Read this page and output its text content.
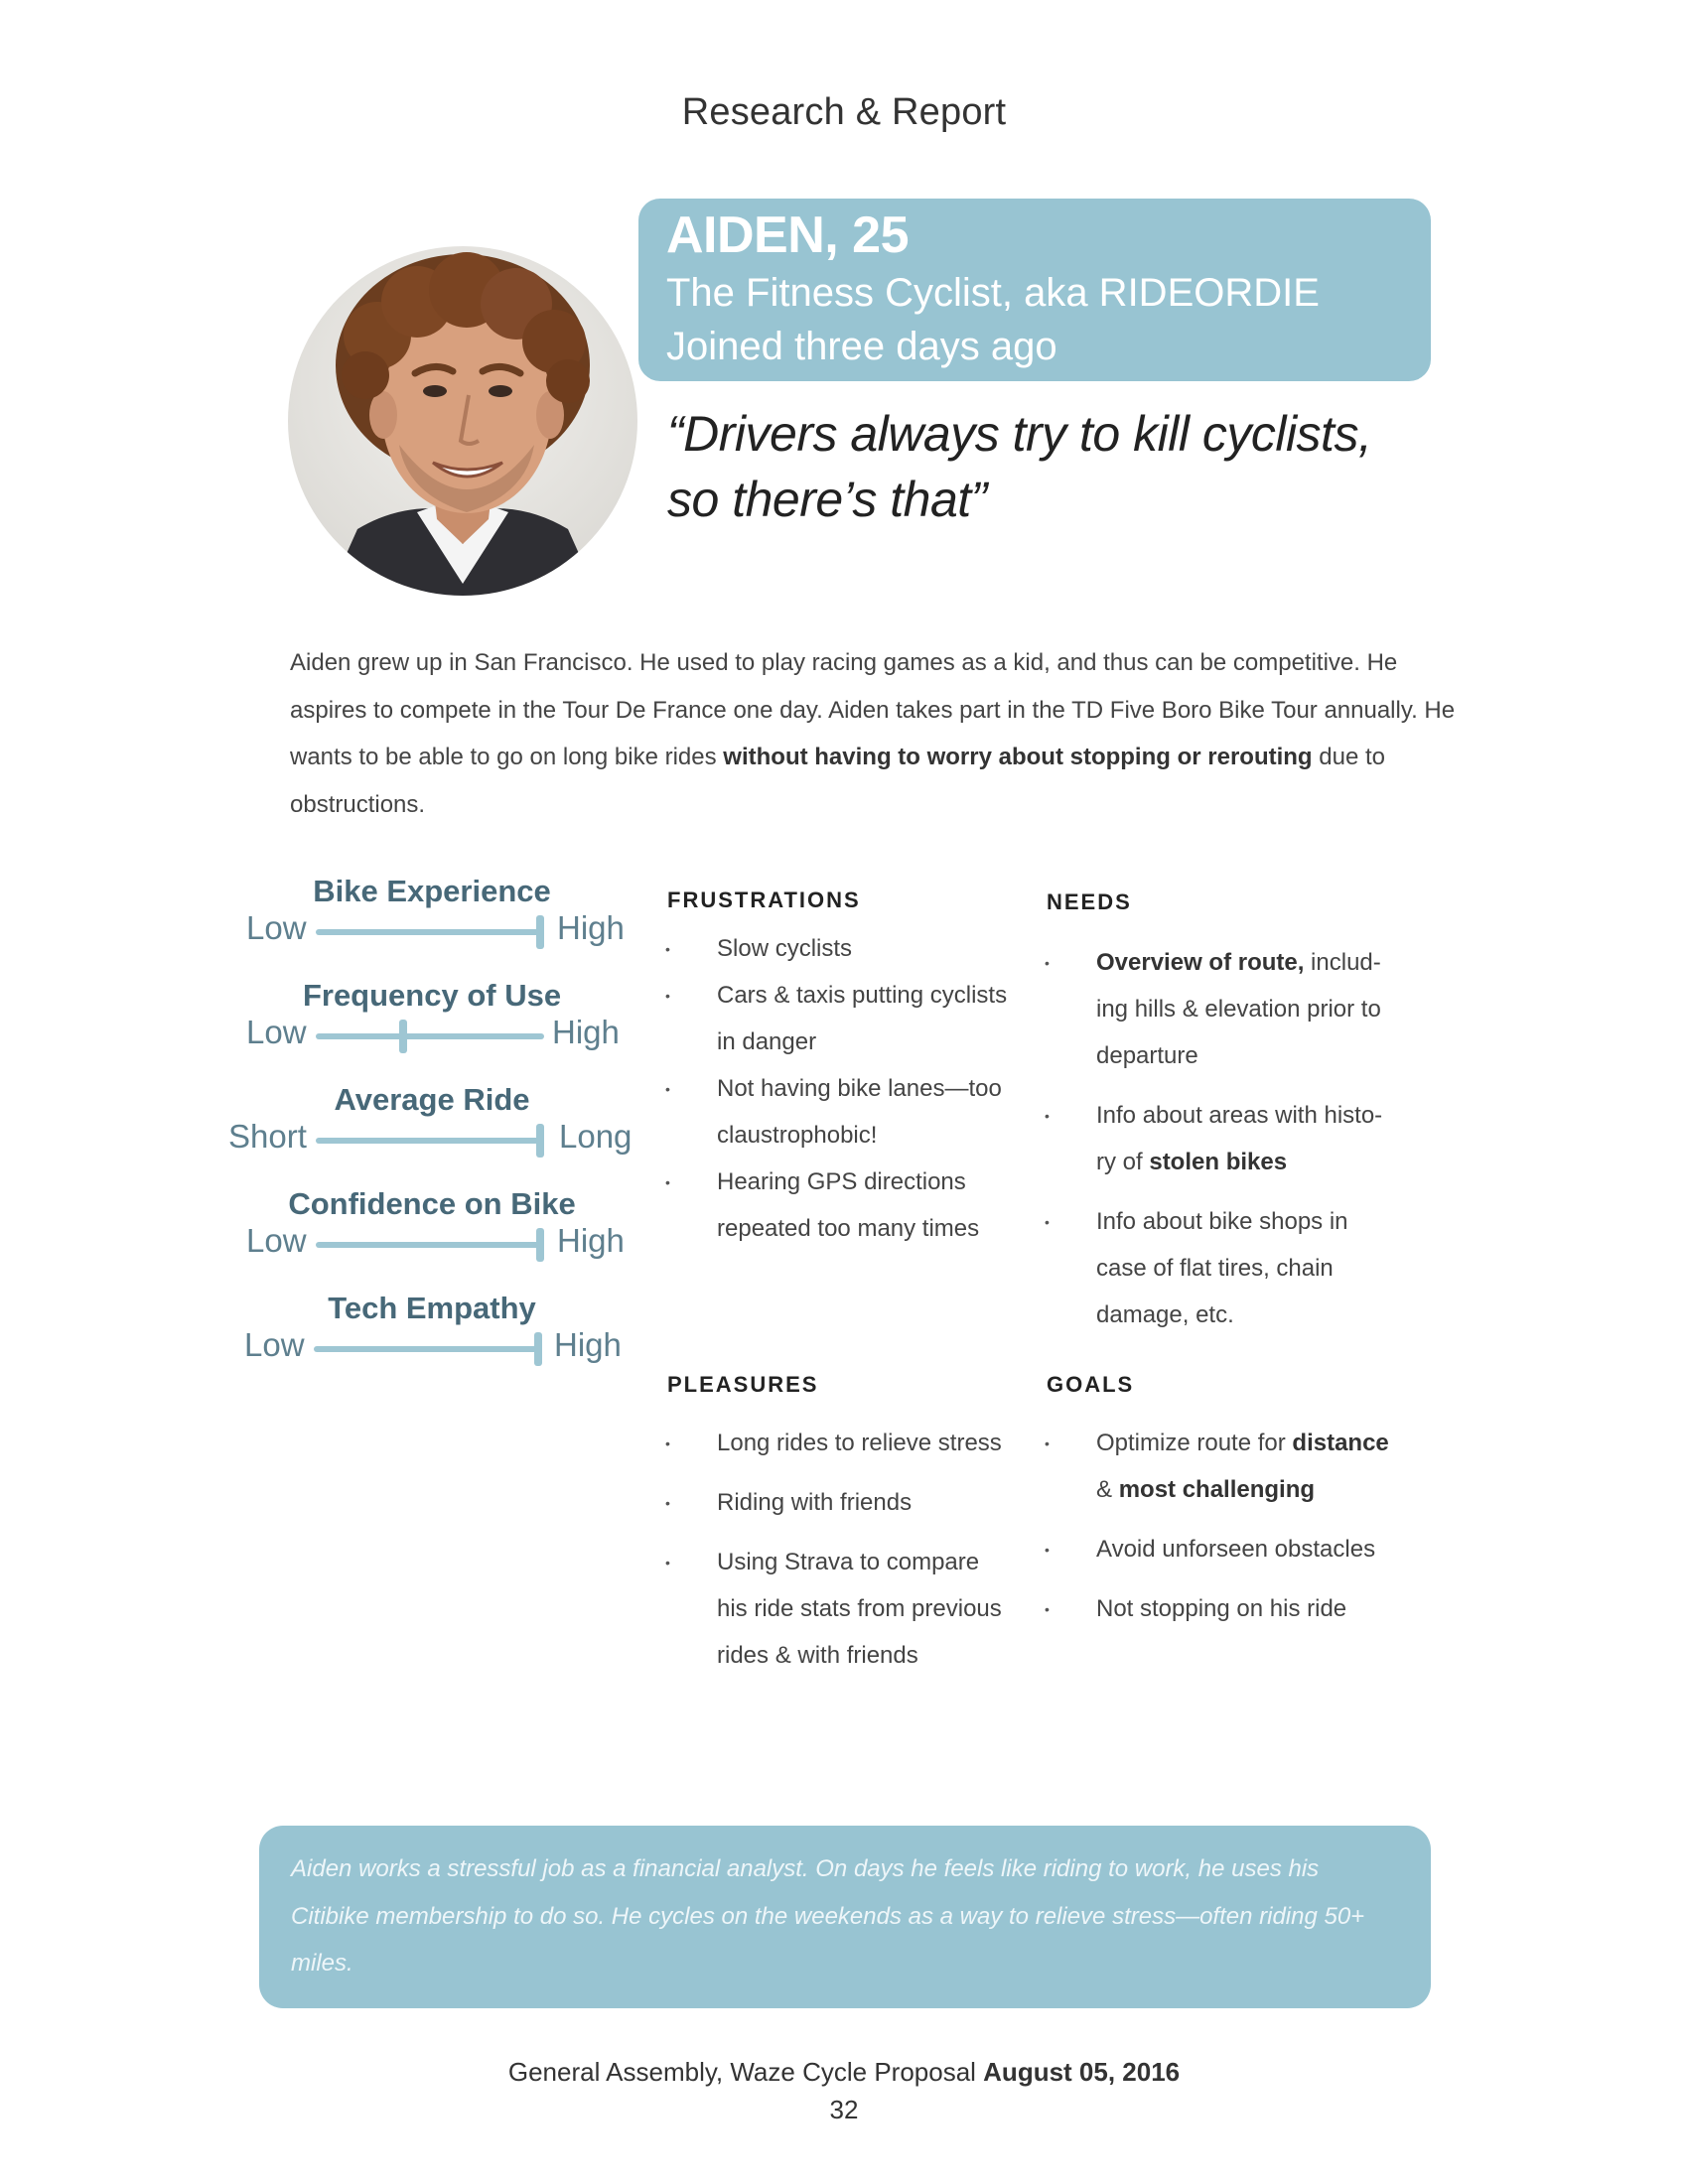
Research & Report
AIDEN, 25
The Fitness Cyclist, aka RIDEORDIE
Joined three days ago
“Drivers always try to kill cyclists,
so there’s that”
Aiden grew up in San Francisco. He used to play racing games as a kid, and thus can be competitive. He aspires to compete in the Tour De France one day. Aiden takes part in the TD Five Boro Bike Tour annually. He wants to be able to go on long bike rides without having to worry about stopping or rerouting due to obstructions.
Bike Experience
Low	High
Frequency of Use
Low	High
Average Ride
Short	Long
Confidence on Bike
Low	High
Tech Empathy
Low	High
FRUSTRATIONS
• Slow cyclists
• Cars & taxis putting cyclists
in danger
• Not having bike lanes—too
claustrophobic!
• Hearing GPS directions
repeated too many times
NEEDS
• Overview of route, includ-
ing hills & elevation prior to
departure
• Info about areas with histo-
ry of stolen bikes
• Info about bike shops in
case of flat tires, chain
damage, etc.
PLEASURES
• Long rides to relieve stress
• Riding with friends
• Using Strava to compare
his ride stats from previous
rides & with friends
GOALS
• Optimize route for distance
& most challenging
• Avoid unforseen obstacles
• Not stopping on his ride
Aiden works a stressful job as a financial analyst. On days he feels like riding to work, he uses his Citibike membership to do so. He cycles on the weekends as a way to relieve stress—often riding 50+ miles.
General Assembly, Waze Cycle Proposal August 05, 2016
32
